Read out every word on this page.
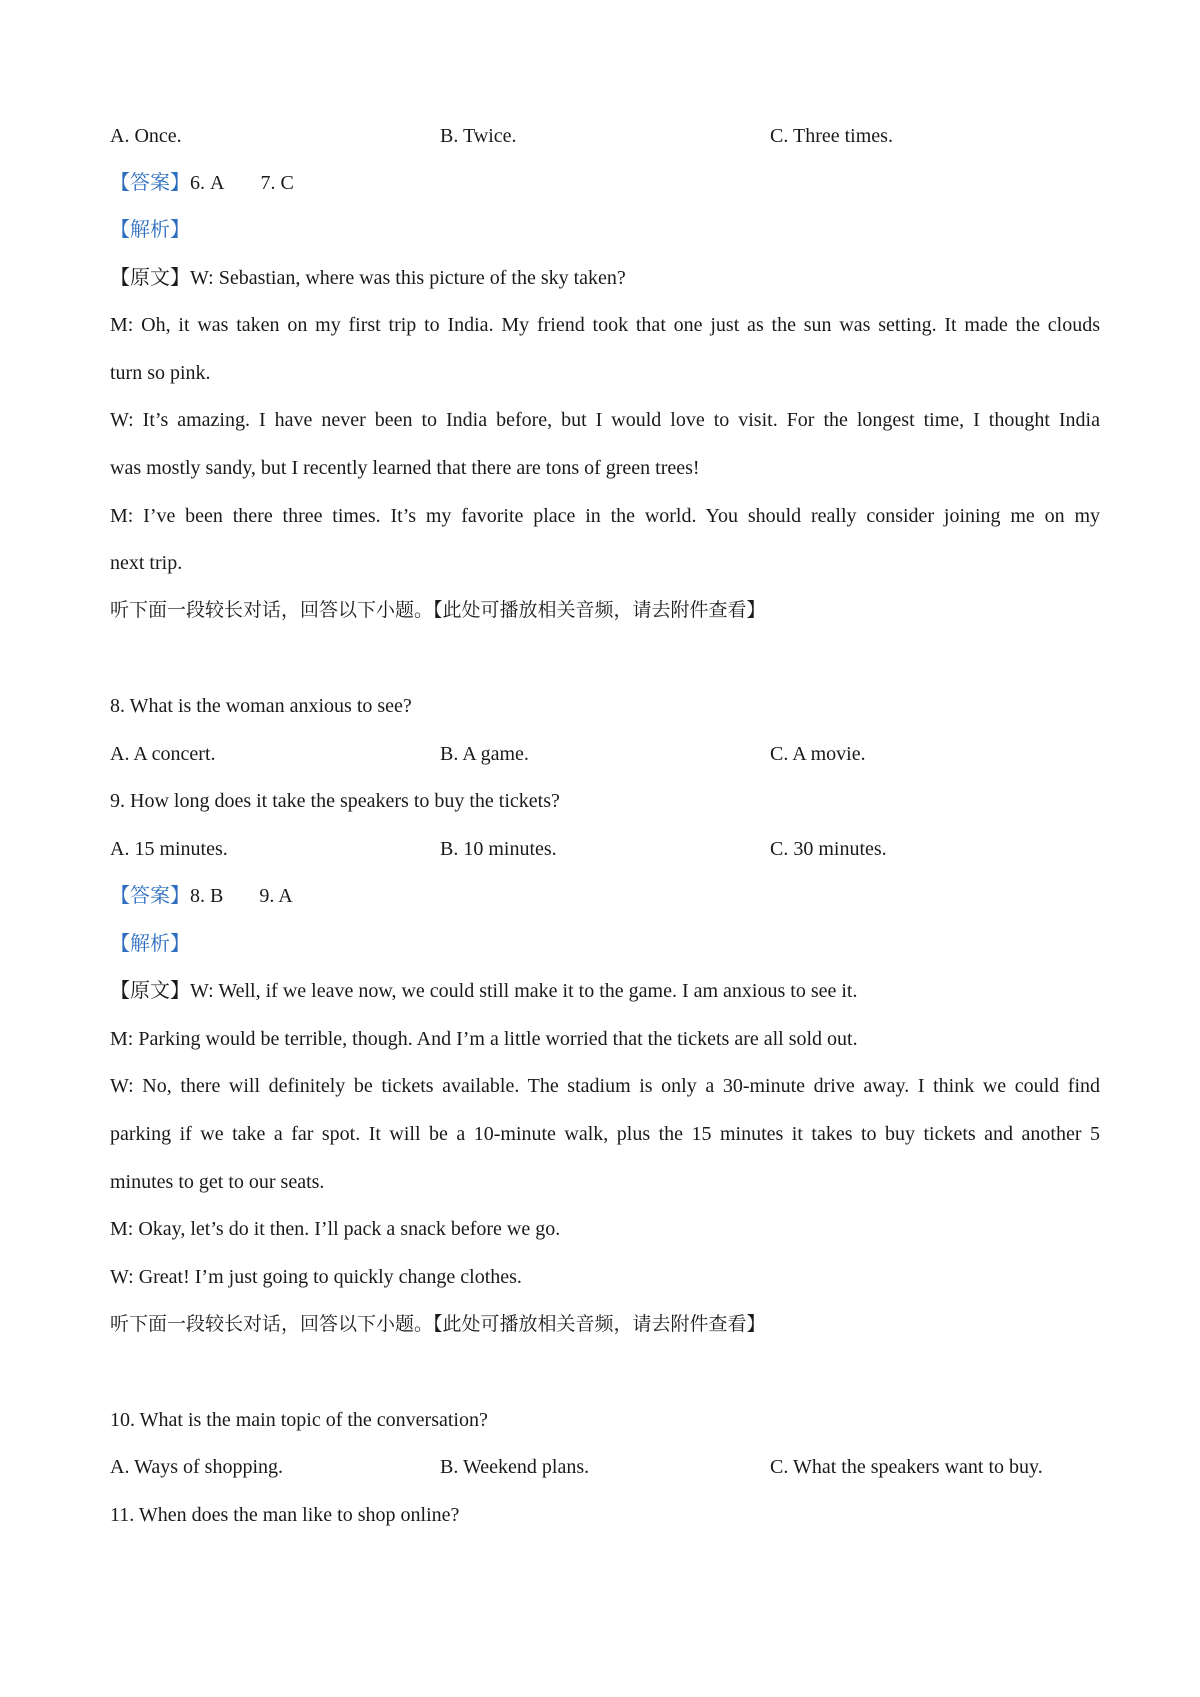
A. Once.	B. Twice.	C. Three times.
【答案】6. A 7. C
【解析】
【原文】W: Sebastian, where was this picture of the sky taken?
M: Oh, it was taken on my first trip to India. My friend took that one just as the sun was setting. It made the clouds
turn so pink.
W: It’s amazing. I have never been to India before, but I would love to visit. For the longest time, I thought India
was mostly sandy, but I recently learned that there are tons of green trees!
M: I’ve been there three times. It’s my favorite place in the world. You should really consider joining me on my
next trip.
听下面一段较长对话，回答以下小题。【此处可播放相关音频，请去附件查看】
8. What is the woman anxious to see?
A. A concert.	B. A game.	C. A movie.
9. How long does it take the speakers to buy the tickets?
A. 15 minutes.	B. 10 minutes.	C. 30 minutes.
【答案】8. B 9. A
【解析】
【原文】W: Well, if we leave now, we could still make it to the game. I am anxious to see it.
M: Parking would be terrible, though. And I’m a little worried that the tickets are all sold out.
W: No, there will definitely be tickets available. The stadium is only a 30-minute drive away. I think we could find
parking if we take a far spot. It will be a 10-minute walk, plus the 15 minutes it takes to buy tickets and another 5
minutes to get to our seats.
M: Okay, let’s do it then. I’ll pack a snack before we go.
W: Great! I’m just going to quickly change clothes.
听下面一段较长对话，回答以下小题。【此处可播放相关音频，请去附件查看】
10. What is the main topic of the conversation?
A. Ways of shopping.	B. Weekend plans.	C. What the speakers want to buy.
11. When does the man like to shop online?
